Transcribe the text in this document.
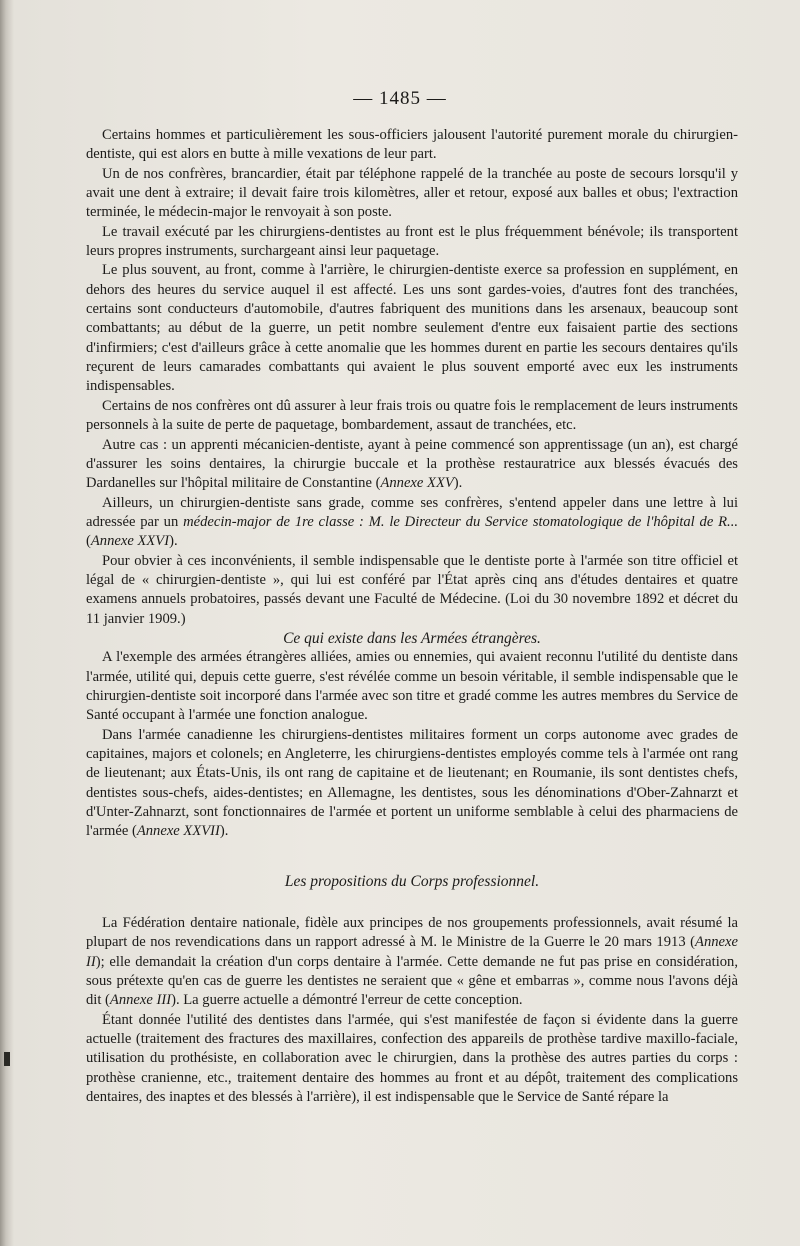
— 1485 —

Certains hommes et particulièrement les sous-officiers jalousent l'autorité purement morale du chirurgien-dentiste, qui est alors en butte à mille vexations de leur part.

Un de nos confrères, brancardier, était par téléphone rappelé de la tranchée au poste de secours lorsqu'il y avait une dent à extraire; il devait faire trois kilomètres, aller et retour, exposé aux balles et obus; l'extraction terminée, le médecin-major le renvoyait à son poste.

Le travail exécuté par les chirurgiens-dentistes au front est le plus fréquemment bénévole; ils transportent leurs propres instruments, surchargeant ainsi leur paquetage.

Le plus souvent, au front, comme à l'arrière, le chirurgien-dentiste exerce sa profession en supplément, en dehors des heures du service auquel il est affecté. Les uns sont gardes-voies, d'autres font des tranchées, certains sont conducteurs d'automobile, d'autres fabriquent des munitions dans les arsenaux, beaucoup sont combattants; au début de la guerre, un petit nombre seulement d'entre eux faisaient partie des sections d'infirmiers; c'est d'ailleurs grâce à cette anomalie que les hommes durent en partie les secours dentaires qu'ils reçurent de leurs camarades combattants qui avaient le plus souvent emporté avec eux les instruments indispensables.

Certains de nos confrères ont dû assurer à leur frais trois ou quatre fois le remplacement de leurs instruments personnels à la suite de perte de paquetage, bombardement, assaut de tranchées, etc.

Autre cas : un apprenti mécanicien-dentiste, ayant à peine commencé son apprentissage (un an), est chargé d'assurer les soins dentaires, la chirurgie buccale et la prothèse restauratrice aux blessés évacués des Dardanelles sur l'hôpital militaire de Constantine (Annexe XXV).

Ailleurs, un chirurgien-dentiste sans grade, comme ses confrères, s'entend appeler dans une lettre à lui adressée par un médecin-major de 1re classe : M. le Directeur du Service stomatologique de l'hôpital de R... (Annexe XXVI).

Pour obvier à ces inconvénients, il semble indispensable que le dentiste porte à l'armée son titre officiel et légal de « chirurgien-dentiste », qui lui est conféré par l'État après cinq ans d'études dentaires et quatre examens annuels probatoires, passés devant une Faculté de Médecine. (Loi du 30 novembre 1892 et décret du 11 janvier 1909.)

Ce qui existe dans les Armées étrangères.

A l'exemple des armées étrangères alliées, amies ou ennemies, qui avaient reconnu l'utilité du dentiste dans l'armée, utilité qui, depuis cette guerre, s'est révélée comme un besoin véritable, il semble indispensable que le chirurgien-dentiste soit incorporé dans l'armée avec son titre et gradé comme les autres membres du Service de Santé occupant à l'armée une fonction analogue.

Dans l'armée canadienne les chirurgiens-dentistes militaires forment un corps autonome avec grades de capitaines, majors et colonels; en Angleterre, les chirurgiens-dentistes employés comme tels à l'armée ont rang de lieutenant; aux États-Unis, ils ont rang de capitaine et de lieutenant; en Roumanie, ils sont dentistes chefs, dentistes sous-chefs, aides-dentistes; en Allemagne, les dentistes, sous les dénominations d'Ober-Zahnarzt et d'Unter-Zahnarzt, sont fonctionnaires de l'armée et portent un uniforme semblable à celui des pharmaciens de l'armée (Annexe XXVII).

Les propositions du Corps professionnel.

La Fédération dentaire nationale, fidèle aux principes de nos groupements professionnels, avait résumé la plupart de nos revendications dans un rapport adressé à M. le Ministre de la Guerre le 20 mars 1913 (Annexe II); elle demandait la création d'un corps dentaire à l'armée. Cette demande ne fut pas prise en considération, sous prétexte qu'en cas de guerre les dentistes ne seraient que « gêne et embarras », comme nous l'avons déjà dit (Annexe III). La guerre actuelle a démontré l'erreur de cette conception.

Étant donnée l'utilité des dentistes dans l'armée, qui s'est manifestée de façon si évidente dans la guerre actuelle (traitement des fractures des maxillaires, confection des appareils de prothèse tardive maxillo-faciale, utilisation du prothésiste, en collaboration avec le chirurgien, dans la prothèse des autres parties du corps : prothèse cranienne, etc., traitement dentaire des hommes au front et au dépôt, traitement des complications dentaires, des inaptes et des blessés à l'arrière), il est indispensable que le Service de Santé répare la
